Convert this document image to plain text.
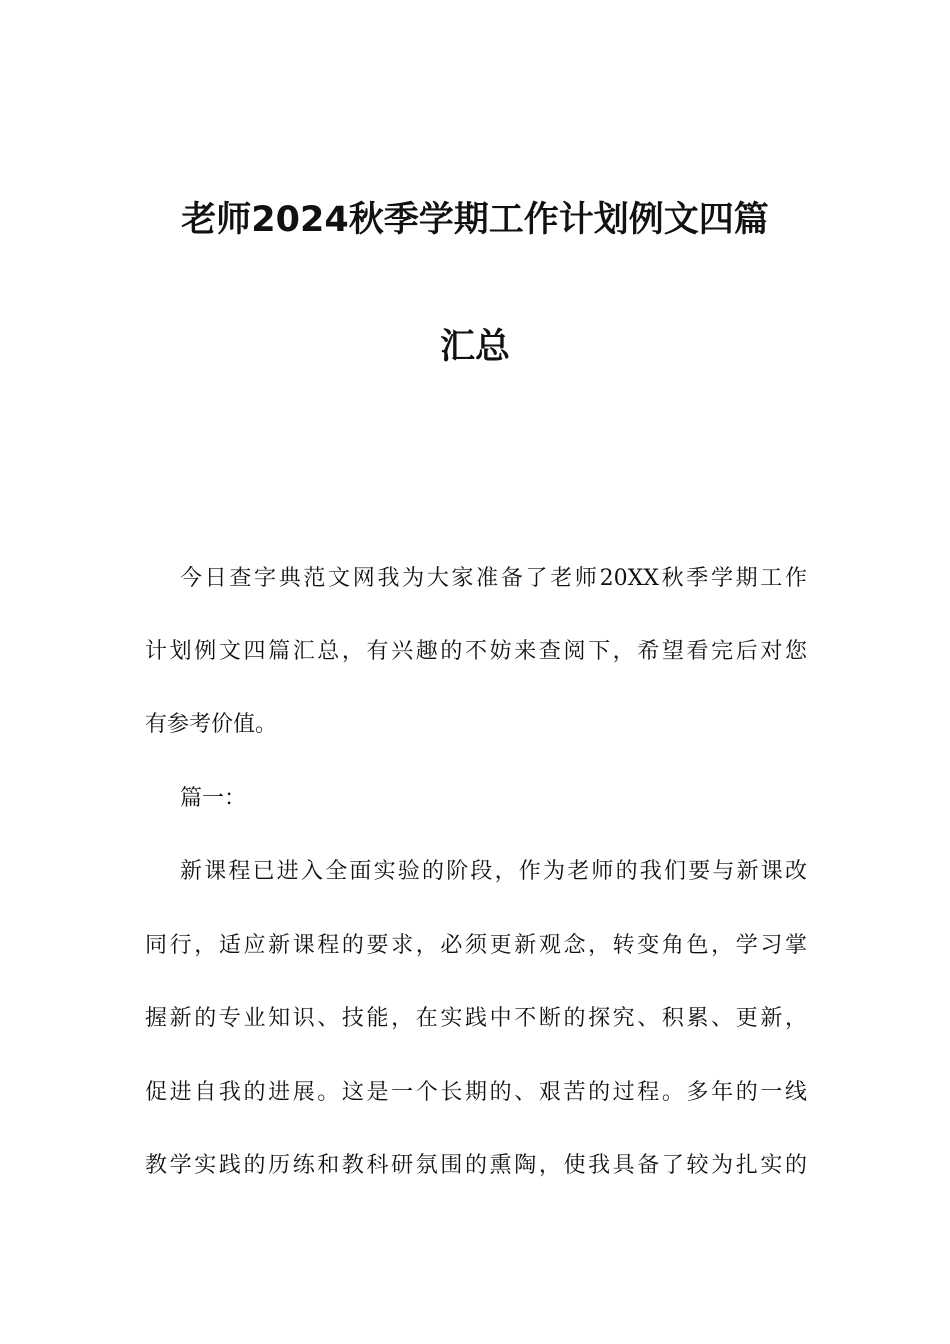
老师2024秋季学期工作计划例文四篇
汇总
今日查字典范文网我为大家准备了老师20XX秋季学期工作
计划例文四篇汇总，有兴趣的不妨来查阅下，希望看完后对您
有参考价值。
篇一：
新课程已进入全面实验的阶段，作为老师的我们要与新课改
同行，适应新课程的要求，必须更新观念，转变角色，学习掌
握新的专业知识、技能，在实践中不断的探究、积累、更新，
促进自我的进展。这是一个长期的、艰苦的过程。多年的一线
教学实践的历练和教科研氛围的熏陶，使我具备了较为扎实的
